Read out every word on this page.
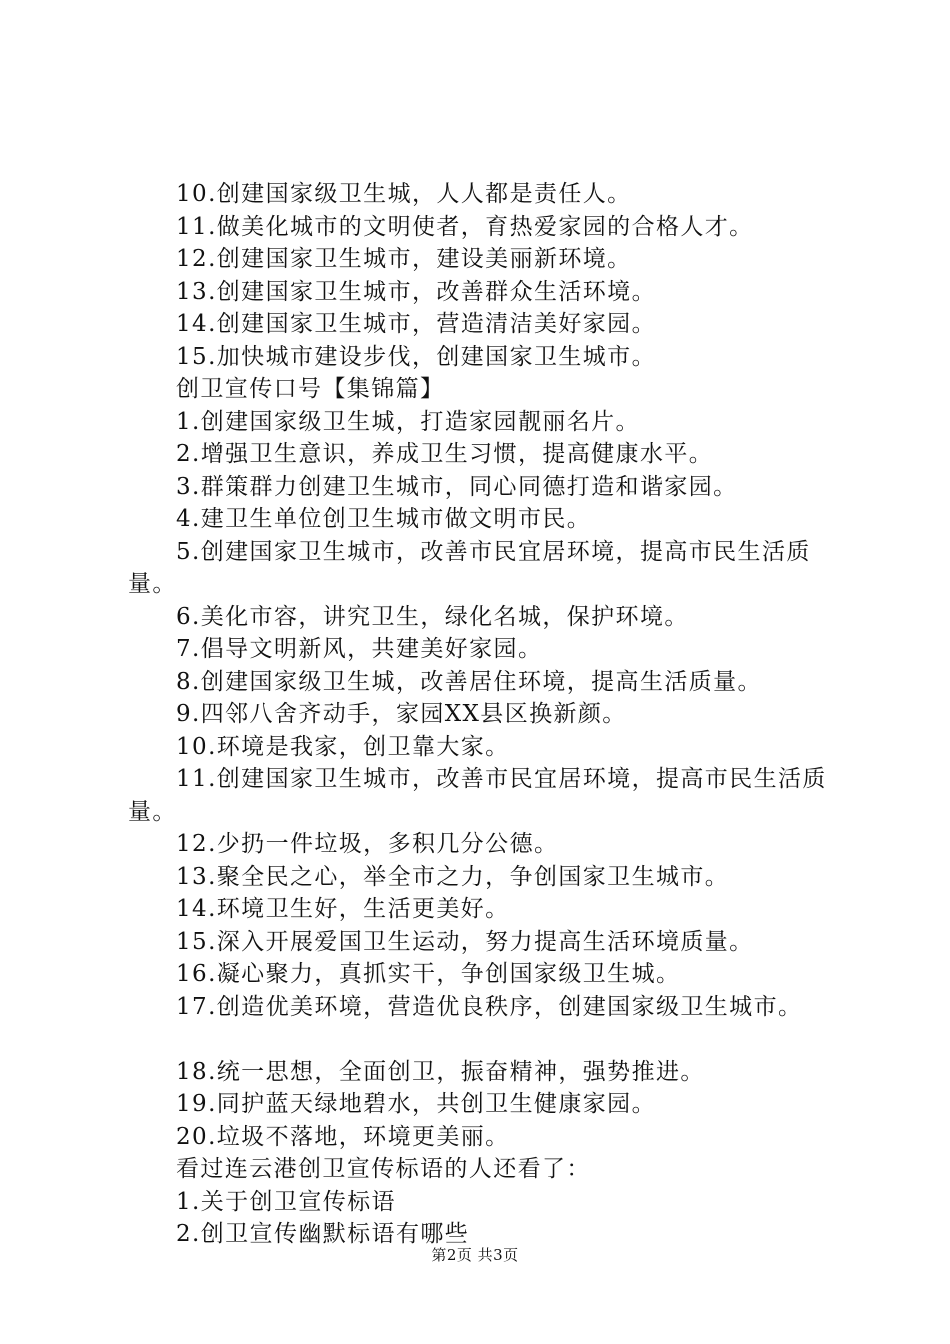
10.创建国家级卫生城，人人都是责任人。
11.做美化城市的文明使者，育热爱家园的合格人才。
12.创建国家卫生城市，建设美丽新环境。
13.创建国家卫生城市，改善群众生活环境。
14.创建国家卫生城市，营造清洁美好家园。
15.加快城市建设步伐，创建国家卫生城市。
创卫宣传口号【集锦篇】
1.创建国家级卫生城，打造家园靓丽名片。
2.增强卫生意识，养成卫生习惯，提高健康水平。
3.群策群力创建卫生城市，同心同德打造和谐家园。
4.建卫生单位创卫生城市做文明市民。
5.创建国家卫生城市，改善市民宜居环境，提高市民生活质量。
6.美化市容，讲究卫生，绿化名城，保护环境。
7.倡导文明新风，共建美好家园。
8.创建国家级卫生城，改善居住环境，提高生活质量。
9.四邻八舍齐动手，家园XX县区换新颜。
10.环境是我家，创卫靠大家。
11.创建国家卫生城市，改善市民宜居环境，提高市民生活质量。
12.少扔一件垃圾，多积几分公德。
13.聚全民之心，举全市之力，争创国家卫生城市。
14.环境卫生好，生活更美好。
15.深入开展爱国卫生运动，努力提高生活环境质量。
16.凝心聚力，真抓实干，争创国家级卫生城。
17.创造优美环境，营造优良秩序，创建国家级卫生城市。
18.统一思想，全面创卫，振奋精神，强势推进。
19.同护蓝天绿地碧水，共创卫生健康家园。
20.垃圾不落地，环境更美丽。
看过连云港创卫宣传标语的人还看了：
1.关于创卫宣传标语
2.创卫宣传幽默标语有哪些
第2页 共3页
